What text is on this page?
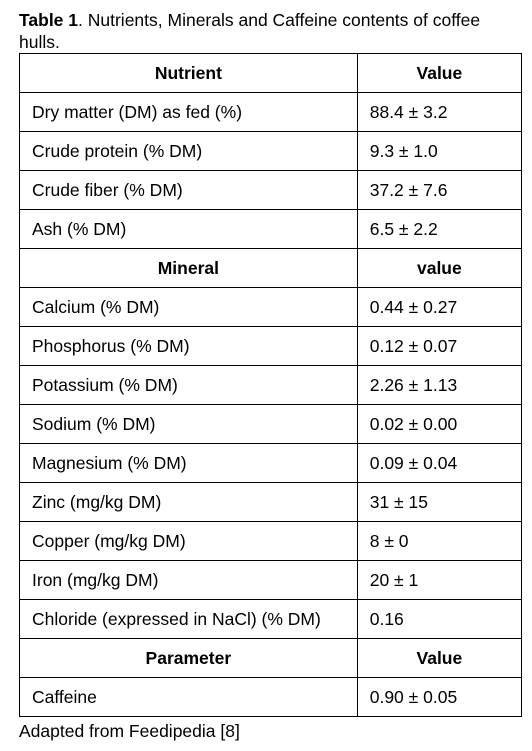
Table 1. Nutrients, Minerals and Caffeine contents of coffee hulls.
Nutrient	Value
Dry matter (DM) as fed (%)	88.4 ± 3.2
Crude protein (% DM)	9.3 ± 1.0
Crude fiber (% DM)	37.2 ± 7.6
Ash (% DM)	6.5 ± 2.2
Mineral	value
Calcium (% DM)	0.44 ± 0.27
Phosphorus (% DM)	0.12 ± 0.07
Potassium (% DM)	2.26 ± 1.13
Sodium (% DM)	0.02 ± 0.00
Magnesium (% DM)	0.09 ± 0.04
Zinc (mg/kg DM)	31 ± 15
Copper (mg/kg DM)	8 ± 0
Iron (mg/kg DM)	20 ± 1
Chloride (expressed in NaCl) (% DM)	0.16
Parameter	Value
Caffeine	0.90 ± 0.05
Adapted from Feedipedia [8]
